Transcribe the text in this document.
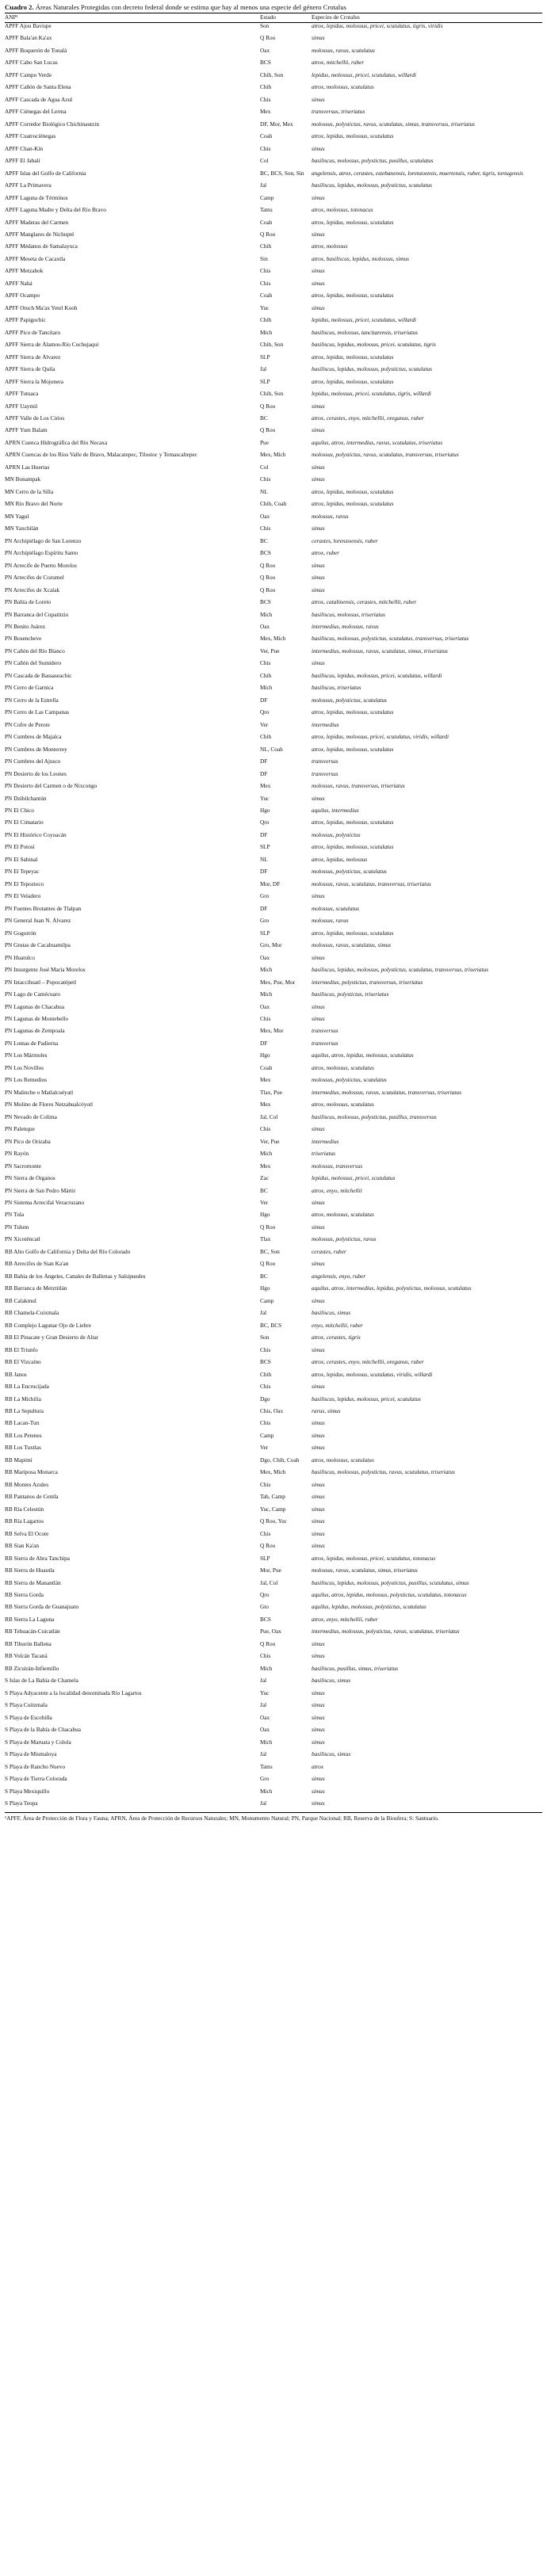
Cuadro 2. Áreas Naturales Protegidas con decreto federal donde se estima que hay al menos una especie del género Crotalus
ANP¹	Estado	Especies de Crotalus
APFF Ajou Bavispe	Son	atrox, lepidus, molossus, pricei, scutulatus, tigris, viridis
APFF Bala'an Ka'ax	Q Roo	simus
APFF Boquerón de Tonalá	Oax	molossus, ravus, scutulatus
APFF Cabo San Lucas	BCS	atrox, mitchellii, ruber
APFF Campo Verde	Chih, Son	lepidus, molossus, pricei, scutulatus, willardi
APFF Cañón de Santa Elena	Chih	atrox, molossus, scutulatus
APFF Cascada de Agua Azul	Chis	simus
APFF Ciénegas del Lerma	Mex	transversus, triseriatus
APFF Corredor Biológico Chichinautzin	DF, Mor, Mex	molossus, polystictus, ravus, scutulatus, simus, transversus, triseriatus
APFF Cuatrociénegas	Coah	atrox, lepidus, molossus, scutulatus
APFF Chan-Kín	Chis	simus
APFF El Jabalí	Col	basiliscus, molossus, polystictus, pusillus, scutulatus
APFF Islas del Golfo de California	BC, BCS, Son, Sin	angelensis, atrox, cerastes, estebanensis, lorenzoensis, muertensis, ruber, tigris, tortugensis
APFF La Primavera	Jal	basiliscus, lepidus, molossus, polystictus, scutulatus
APFF Laguna de Términos	Camp	simus
APFF Laguna Madre y Delta del Río Bravo	Tams	atrox, molossus, totonacus
APFF Maderas del Carmen	Coah	atrox, lepidus, molossus, scutulatus
APFF Manglares de Nichupté	Q Roo	simus
APFF Médanos de Samalayuca	Chih	atrox, molossus
APFF Meseta de Cacaxtla	Sin	atrox, basiliscus, lepidus, molossus, simus
APFF Metzabok	Chis	simus
APFF Nahá	Chis	simus
APFF Ocampo	Coah	atrox, lepidus, molossus, scutulatus
APFF Otoch Ma'ax Yetel Kooh	Yuc	simus
APFF Papigochic	Chih	lepidus, molossus, pricei, scutulatus, willardi
APFF Pico de Tancítaro	Mich	basiliscus, molossus, tancitarensis, triseriatus
APFF Sierra de Álamos-Río Cuchujaqui	Chih, Son	basiliscus, lepidus, molossus, pricei, scutulatus, tigris
APFF Sierra de Álvarez	SLP	atrox, lepidus, molossus, scutulatus
APFF Sierra de Quila	Jal	basiliscus, lepidus, molossus, polystictus, scutulatus
APFF Sierra la Mojonera	SLP	atrox, lepidus, molossus, scutulatus
APFF Tutuaca	Chih, Son	lepidus, molossus, pricei, scutulatus, tigris, willardi
APFF Uaymil	Q Roo	simus
APFF Valle de Los Cirios	BC	atrox, cerastes, enyo, mitchellii, oreganus, ruber
APFF Yum Balam	Q Roo	simus
APRN Cuenca Hidrográfica del Río Necaxa	Pue	aquilus, atrox, intermedius, ravus, scutulatus, triseriatus
APRN Cuencas de los Ríos Valle de Bravo, Malacatepec, Tilostoc y Temascaltepec	Mex, Mich	molossus, polystictus, ravus, scutulatus, transversus, triseriatus
APRN Las Huertas	Col	simus
MN Bonampak	Chis	simus
MN Cerro de la Silla	NL	atrox, lepidus, molossus, scutulatus
MN Río Bravo del Norte	Chih, Coah	atrox, lepidus, molossus, scutulatus
MN Yagul	Oax	molossus, ravus
MN Yaxchilán	Chis	simus
PN Archipiélago de San Lorenzo	BC	cerastes, lorenzoensis, ruber
PN Archipiélago Espíritu Santo	BCS	atrox, ruber
PN Arrecife de Puerto Morelos	Q Roo	simus
PN Arrecifes de Cozumel	Q Roo	simus
PN Arrecifes de Xcalak	Q Roo	simus
PN Bahía de Loreto	BCS	atrox, catalinensis, cerastes, mitchellii, ruber
PN Barranca del Cupatitzio	Mich	basiliscus, molossus, triseriatus
PN Benito Juárez	Oax	intermedius, molossus, ravus
PN Bosencheve	Mex, Mich	basiliscus, molossus, polystictus, scutulatus, transversus, triseriatus
PN Cañón del Río Blanco	Ver, Pue	intermedius, molossus, ravus, scutulatus, simus, triseriatus
PN Cañón del Sumidero	Chis	simus
PN Cascada de Bassaseachic	Chih	basiliscus, lepidus, molossus, pricei, scutulatus, willardi
PN Cerro de Garnica	Mich	basiliscus, triseriatus
PN Cerro de la Estrella	DF	molossus, polystictus, scutulatus
PN Cerro de Las Campanas	Qro	atrox, lepidus, molossus, scutulatus
PN Cofre de Perote	Ver	intermedius
PN Cumbres de Majalca	Chih	atrox, lepidus, molossus, pricei, scutulatus, viridis, willardi
PN Cumbres de Monterrey	NL, Coah	atrox, lepidus, molossus, scutulatus
PN Cumbres del Ajusco	DF	transversus
PN Desierto de los Leones	DF	transversus
PN Desierto del Carmen o de Nixcongo	Mex	molossus, ravus, transversus, triseriatus
PN Dzibilchantún	Yuc	simus
PN El Chico	Hgo	aquilus, intermedius
PN El Cimatario	Qro	atrox, lepidus, molossus, scutulatus
PN El Histórico Coyoacán	DF	molossus, polystictus
PN El Potosí	SLP	atrox, lepidus, molossus, scutulatus
PN El Sabinal	NL	atrox, lepidus, molossus
PN El Tepeyac	DF	molossus, polystictus, scutulatus
PN El Tepozteco	Mor, DF	molossus, ravus, scutulatus, transversus, triseriatus
PN El Veladero	Gro	simus
PN Fuentes Brotantes de Tlalpan	DF	molossus, scutulatus
PN General Juan N. Álvarez	Gro	molossus, ravus
PN Gogorrón	SLP	atrox, lepidus, molossus, scutulatus
PN Grutas de Cacahuamilpa	Gro, Mor	molossus, ravus, scutulatus, simus
PN Huatulco	Oax	simus
PN Insurgente José María Morelos	Mich	basiliscus, lepidus, molossus, polystictus, scutulatus, transversus, triseriatus
PN Iztaccíhuatl – Popocatépetl	Mex, Pue, Mor	intermedius, polystictus, transversus, triseriatus
PN Lago de Camécuaro	Mich	basiliscus, polystictus, triseriatus
PN Lagunas de Chacahua	Oax	simus
PN Lagunas de Montebello	Chis	simus
PN Lagunas de Zempoala	Mex, Mor	transversus
PN Lomas de Padierna	DF	transversus
PN Los Mármoles	Hgo	aquilus, atrox, lepidus, molossus, scutulatus
PN Los Novillos	Coah	atrox, molossus, scutulatus
PN Los Remedios	Mex	molossus, polystictus, scutulatus
PN Malinche o Matlalcuéyatl	Tlax, Pue	intermedius, molossus, ravus, scutulatus, transversus, triseriatus
PN Molino de Flores Netzahualcóyotl	Mex	atrox, molossus, scutulatus
PN Nevado de Colima	Jal, Col	basiliscus, molossus, polystictus, pusillus, transversus
PN Palenque	Chis	simus
PN Pico de Orizaba	Ver, Pue	intermedius
PN Rayón	Mich	triseriatus
PN Sacromonte	Mex	molossus, transversus
PN Sierra de Órganos	Zac	lepidus, molossus, pricei, scutulatus
PN Sierra de San Pedro Mártir	BC	atrox, enyo, mitchellii
PN Sistema Arrecifal Veracruzano	Ver	simus
PN Tula	Hgo	atrox, molossus, scutulatus
PN Tulum	Q Roo	simus
PN Xicoténcatl	Tlax	molossus, polystictus, ravus
RB Alto Golfo de California y Delta del Río Colorado	BC, Son	cerastes, ruber
RB Arrecifes de Sian Ka'an	Q Roo	simus
RB Bahía de los Ángeles, Canales de Ballenas y Salsipuedes	BC	angelensis, enyo, ruber
RB Barranca de Metztitlán	Hgo	aquilus, atrox, intermedius, lepidus, polystictus, molossus, scutulatus
RB Calakmul	Camp	simus
RB Chamela-Cuixmala	Jal	basiliscus, simus
RB Complejo Lagunar Ojo de Liebre	BC, BCS	enyo, mitchellii, ruber
RB El Pinacate y Gran Desierto de Altar	Son	atrox, cerastes, tigris
RB El Triunfo	Chis	simus
RB El Vizcaíno	BCS	atrox, cerastes, enyo, mitchellii, oreganus, ruber
RB Janos	Chih	atrox, lepidus, molossus, scutulatus, viridis, willardi
RB La Encrucijada	Chis	simus
RB La Michilía	Dgo	basiliscus, lepidus, molossus, pricei, scutulatus
RB La Sepultura	Chis, Oax	ravus, simus
RB Lacan-Tun	Chis	simus
RB Los Petenes	Camp	simus
RB Los Tuxtlas	Ver	simus
RB Mapimí	Dgo, Chih, Coah	atrox, molossus, scutulatus
RB Mariposa Monarca	Mex, Mich	basiliscus, molossus, polystictus, ravus, scutulatus, triseriatus
RB Montes Azules	Chis	simus
RB Pantanos de Centla	Tab, Camp	simus
RB Ría Celestún	Yuc, Camp	simus
RB Ría Lagartos	Q Roo, Yuc	simus
RB Selva El Ocote	Chis	simus
RB Sian Ka'an	Q Roo	simus
RB Sierra de Abra Tanchipa	SLP	atrox, lepidus, molossus, pricei, scutulatus, totonacus
RB Sierra de Huautla	Mor, Pue	molossus, ravus, scutulatus, simus, triseriatus
RB Sierra de Manantlán	Jal, Col	basiliscus, lepidus, molossus, polystictus, pusillus, scutulatus, simus
RB Sierra Gorda	Qro	aquilus, atrox, lepidus, molossus, polystictus, scutulatus, totonacus
RB Sierra Gorda de Guanajuato	Gto	aquilus, lepidus, molossus, polystictus, scutulatus
RB Sierra La Laguna	BCS	atrox, enyo, mitchellii, ruber
RB Tehuacán-Cuicatlán	Pue, Oax	intermedius, molossus, polystictus, ravus, scutulatus, triseriatus
RB Tiburón Ballena	Q Roo	simus
RB Volcán Tacaná	Chis	simus
RB Zicuirán-Infiernillo	Mich	basiliscus, pusillus, simus, triseriatus
S Islas de La Bahía de Chamela	Jal	basiliscus, simus
S Playa Adyacente a la localidad denominada Río Lagartos	Yuc	simus
S Playa Cuitzmala	Jal	simus
S Playa de Escobilla	Oax	simus
S Playa de la Bahía de Chacahua	Oax	simus
S Playa de Maruata y Colola	Mich	simus
S Playa de Mismaloya	Jal	basiliscus, simus
S Playa de Rancho Nuevo	Tams	atrox
S Playa de Tierra Colorada	Gro	simus
S Playa Mexiquillo	Mich	simus
S Playa Teopa	Jal	simus
¹APFF, Área de Protección de Flora y Fauna; APRN, Área de Protección de Recursos Naturales; MN, Monumento Natural; PN, Parque Nacional; RB, Reserva de la Biosfera; S: Santuario.
